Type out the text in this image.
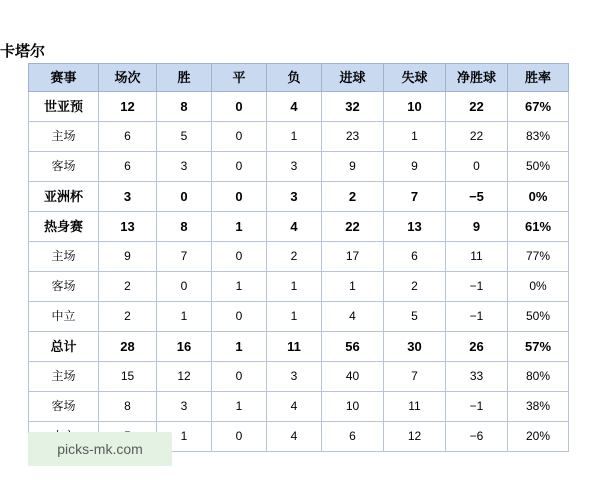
卡塔尔
赛事	场次	胜	平	负	进球	失球	净胜球	胜率
世亚预	12	8	0	4	32	10	22	67%
主场	6	5	0	1	23	1	22	83%
客场	6	3	0	3	9	9	0	50%
亚洲杯	3	0	0	3	2	7	−5	0%
热身赛	13	8	1	4	22	13	9	61%
主场	9	7	0	2	17	6	11	77%
客场	2	0	1	1	1	2	−1	0%
中立	2	1	0	1	4	5	−1	50%
总计	28	16	1	11	56	30	26	57%
主场	15	12	0	3	40	7	33	80%
客场	8	3	1	4	10	11	−1	38%
		1	0	4	6	12	−6	20%
picks-mk.com
